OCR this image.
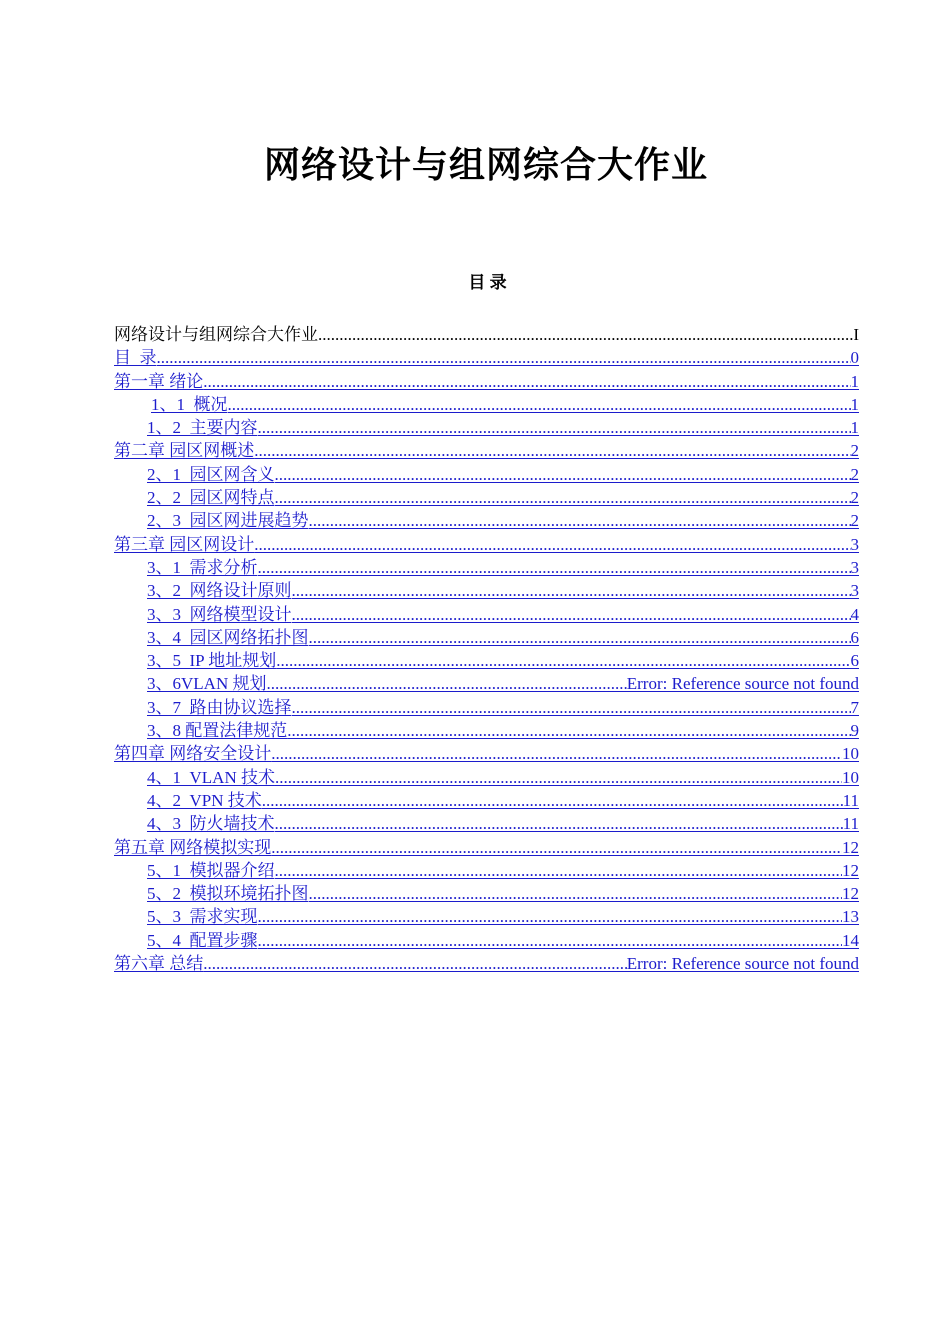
网络设计与组网综合大作业
目 录
网络设计与组网综合大作业 .....	I
目  录 .....	0
第一章 绪论 .....	1
1、1  概况 .....	1
1、2  主要内容 .....	1
第二章 园区网概述 .....	2
2、1  园区网含义 .....	2
2、2  园区网特点 .....	2
2、3  园区网进展趋势 .....	2
第三章 园区网设计 .....	3
3、1  需求分析 .....	3
3、2  网络设计原则 .....	3
3、3  网络模型设计 .....	4
3、4  园区网络拓扑图 .....	6
3、5  IP 地址规划 .....	6
3、6VLAN 规划 .....	Error: Reference source not found
3、7  路由协议选择 .....	7
3、8 配置法律规范 .....	9
第四章 网络安全设计 .....	10
4、1  VLAN 技术 .....	10
4、2  VPN 技术 .....	11
4、3  防火墙技术 .....	11
第五章 网络模拟实现 .....	12
5、1  模拟器介绍 .....	12
5、2  模拟环境拓扑图 .....	12
5、3  需求实现 .....	13
5、4  配置步骤 .....	14
第六章 总结 .....	Error: Reference source not found
